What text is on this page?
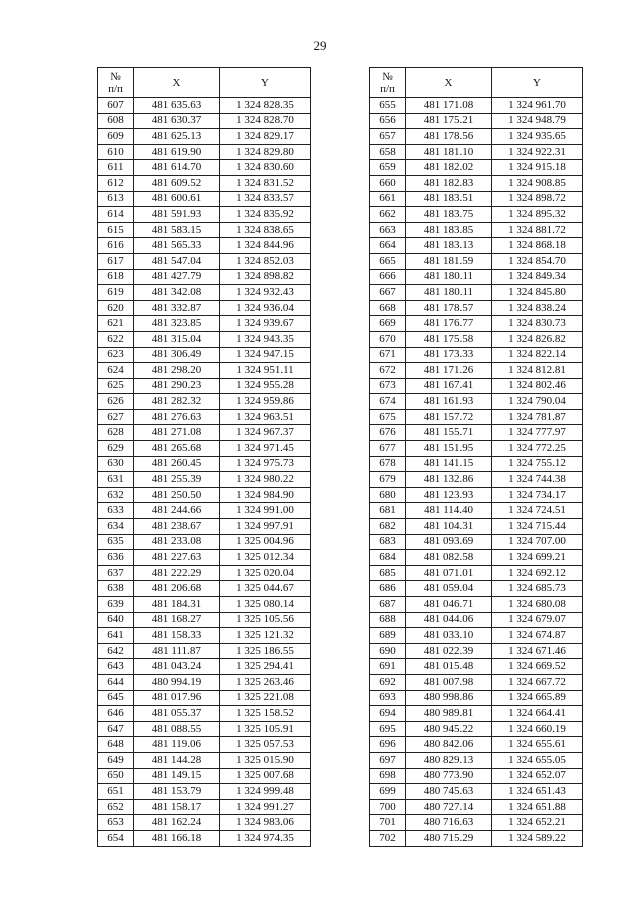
29
№
п/п	X	Y
607	481 635.63	1 324 828.35
608	481 630.37	1 324 828.70
609	481 625.13	1 324 829.17
610	481 619.90	1 324 829.80
611	481 614.70	1 324 830.60
612	481 609.52	1 324 831.52
613	481 600.61	1 324 833.57
614	481 591.93	1 324 835.92
615	481 583.15	1 324 838.65
616	481 565.33	1 324 844.96
617	481 547.04	1 324 852.03
618	481 427.79	1 324 898.82
619	481 342.08	1 324 932.43
620	481 332.87	1 324 936.04
621	481 323.85	1 324 939.67
622	481 315.04	1 324 943.35
623	481 306.49	1 324 947.15
624	481 298.20	1 324 951.11
625	481 290.23	1 324 955.28
626	481 282.32	1 324 959.86
627	481 276.63	1 324 963.51
628	481 271.08	1 324 967.37
629	481 265.68	1 324 971.45
630	481 260.45	1 324 975.73
631	481 255.39	1 324 980.22
632	481 250.50	1 324 984.90
633	481 244.66	1 324 991.00
634	481 238.67	1 324 997.91
635	481 233.08	1 325 004.96
636	481 227.63	1 325 012.34
637	481 222.29	1 325 020.04
638	481 206.68	1 325 044.67
639	481 184.31	1 325 080.14
640	481 168.27	1 325 105.56
641	481 158.33	1 325 121.32
642	481 111.87	1 325 186.55
643	481 043.24	1 325 294.41
644	480 994.19	1 325 263.46
645	481 017.96	1 325 221.08
646	481 055.37	1 325 158.52
647	481 088.55	1 325 105.91
648	481 119.06	1 325 057.53
649	481 144.28	1 325 015.90
650	481 149.15	1 325 007.68
651	481 153.79	1 324 999.48
652	481 158.17	1 324 991.27
653	481 162.24	1 324 983.06
654	481 166.18	1 324 974.35
№
п/п	X	Y
655	481 171.08	1 324 961.70
656	481 175.21	1 324 948.79
657	481 178.56	1 324 935.65
658	481 181.10	1 324 922.31
659	481 182.02	1 324 915.18
660	481 182.83	1 324 908.85
661	481 183.51	1 324 898.72
662	481 183.75	1 324 895.32
663	481 183.85	1 324 881.72
664	481 183.13	1 324 868.18
665	481 181.59	1 324 854.70
666	481 180.11	1 324 849.34
667	481 180.11	1 324 845.80
668	481 178.57	1 324 838.24
669	481 176.77	1 324 830.73
670	481 175.58	1 324 826.82
671	481 173.33	1 324 822.14
672	481 171.26	1 324 812.81
673	481 167.41	1 324 802.46
674	481 161.93	1 324 790.04
675	481 157.72	1 324 781.87
676	481 155.71	1 324 777.97
677	481 151.95	1 324 772.25
678	481 141.15	1 324 755.12
679	481 132.86	1 324 744.38
680	481 123.93	1 324 734.17
681	481 114.40	1 324 724.51
682	481 104.31	1 324 715.44
683	481 093.69	1 324 707.00
684	481 082.58	1 324 699.21
685	481 071.01	1 324 692.12
686	481 059.04	1 324 685.73
687	481 046.71	1 324 680.08
688	481 044.06	1 324 679.07
689	481 033.10	1 324 674.87
690	481 022.39	1 324 671.46
691	481 015.48	1 324 669.52
692	481 007.98	1 324 667.72
693	480 998.86	1 324 665.89
694	480 989.81	1 324 664.41
695	480 945.22	1 324 660.19
696	480 842.06	1 324 655.61
697	480 829.13	1 324 655.05
698	480 773.90	1 324 652.07
699	480 745.63	1 324 651.43
700	480 727.14	1 324 651.88
701	480 716.63	1 324 652.21
702	480 715.29	1 324 589.22
